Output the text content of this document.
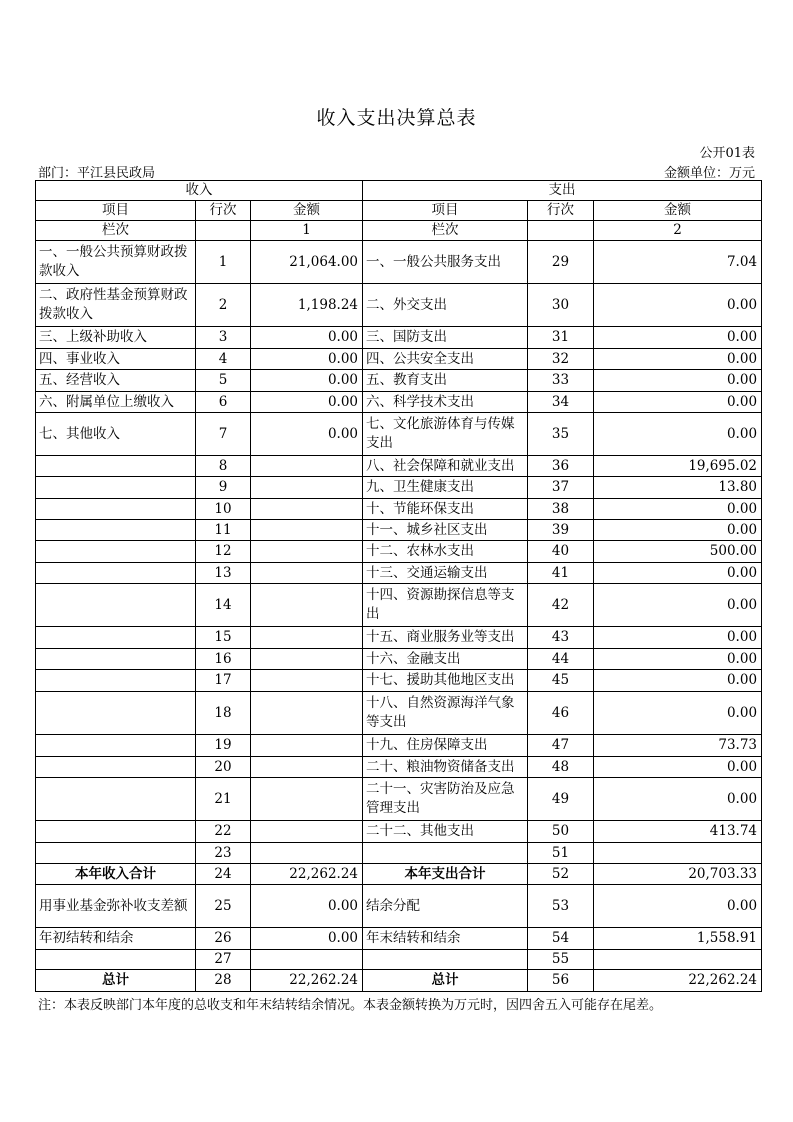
收入支出决算总表
公开01表
部门：平江县民政局	金额单位：万元
收入			支出		
项目	行次	金额	项目	行次	金额
栏次		1	栏次		2
一、一般公共预算财政拨款收入	1	21,064.00	一、一般公共服务支出	29	7.04
二、政府性基金预算财政拨款收入	2	1,198.24	二、外交支出	30	0.00
三、上级补助收入	3	0.00	三、国防支出	31	0.00
四、事业收入	4	0.00	四、公共安全支出	32	0.00
五、经营收入	5	0.00	五、教育支出	33	0.00
六、附属单位上缴收入	6	0.00	六、科学技术支出	34	0.00
七、其他收入	7	0.00	七、文化旅游体育与传媒支出	35	0.00
	8		八、社会保障和就业支出	36	19,695.02
	9		九、卫生健康支出	37	13.80
	10		十、节能环保支出	38	0.00
	11		十一、城乡社区支出	39	0.00
	12		十二、农林水支出	40	500.00
	13		十三、交通运输支出	41	0.00
	14		十四、资源勘探信息等支出	42	0.00
	15		十五、商业服务业等支出	43	0.00
	16		十六、金融支出	44	0.00
	17		十七、援助其他地区支出	45	0.00
	18		十八、自然资源海洋气象等支出	46	0.00
	19		十九、住房保障支出	47	73.73
	20		二十、粮油物资储备支出	48	0.00
	21		二十一、灾害防治及应急管理支出	49	0.00
	22		二十二、其他支出	50	413.74
	23			51	
本年收入合计	24	22,262.24	本年支出合计	52	20,703.33
用事业基金弥补收支差额	25	0.00	结余分配	53	0.00
年初结转和结余	26	0.00	年末结转和结余	54	1,558.91
	27			55	
总计	28	22,262.24	总计	56	22,262.24
注：本表反映部门本年度的总收支和年末结转结余情况。本表金额转换为万元时，因四舍五入可能存在尾差。
